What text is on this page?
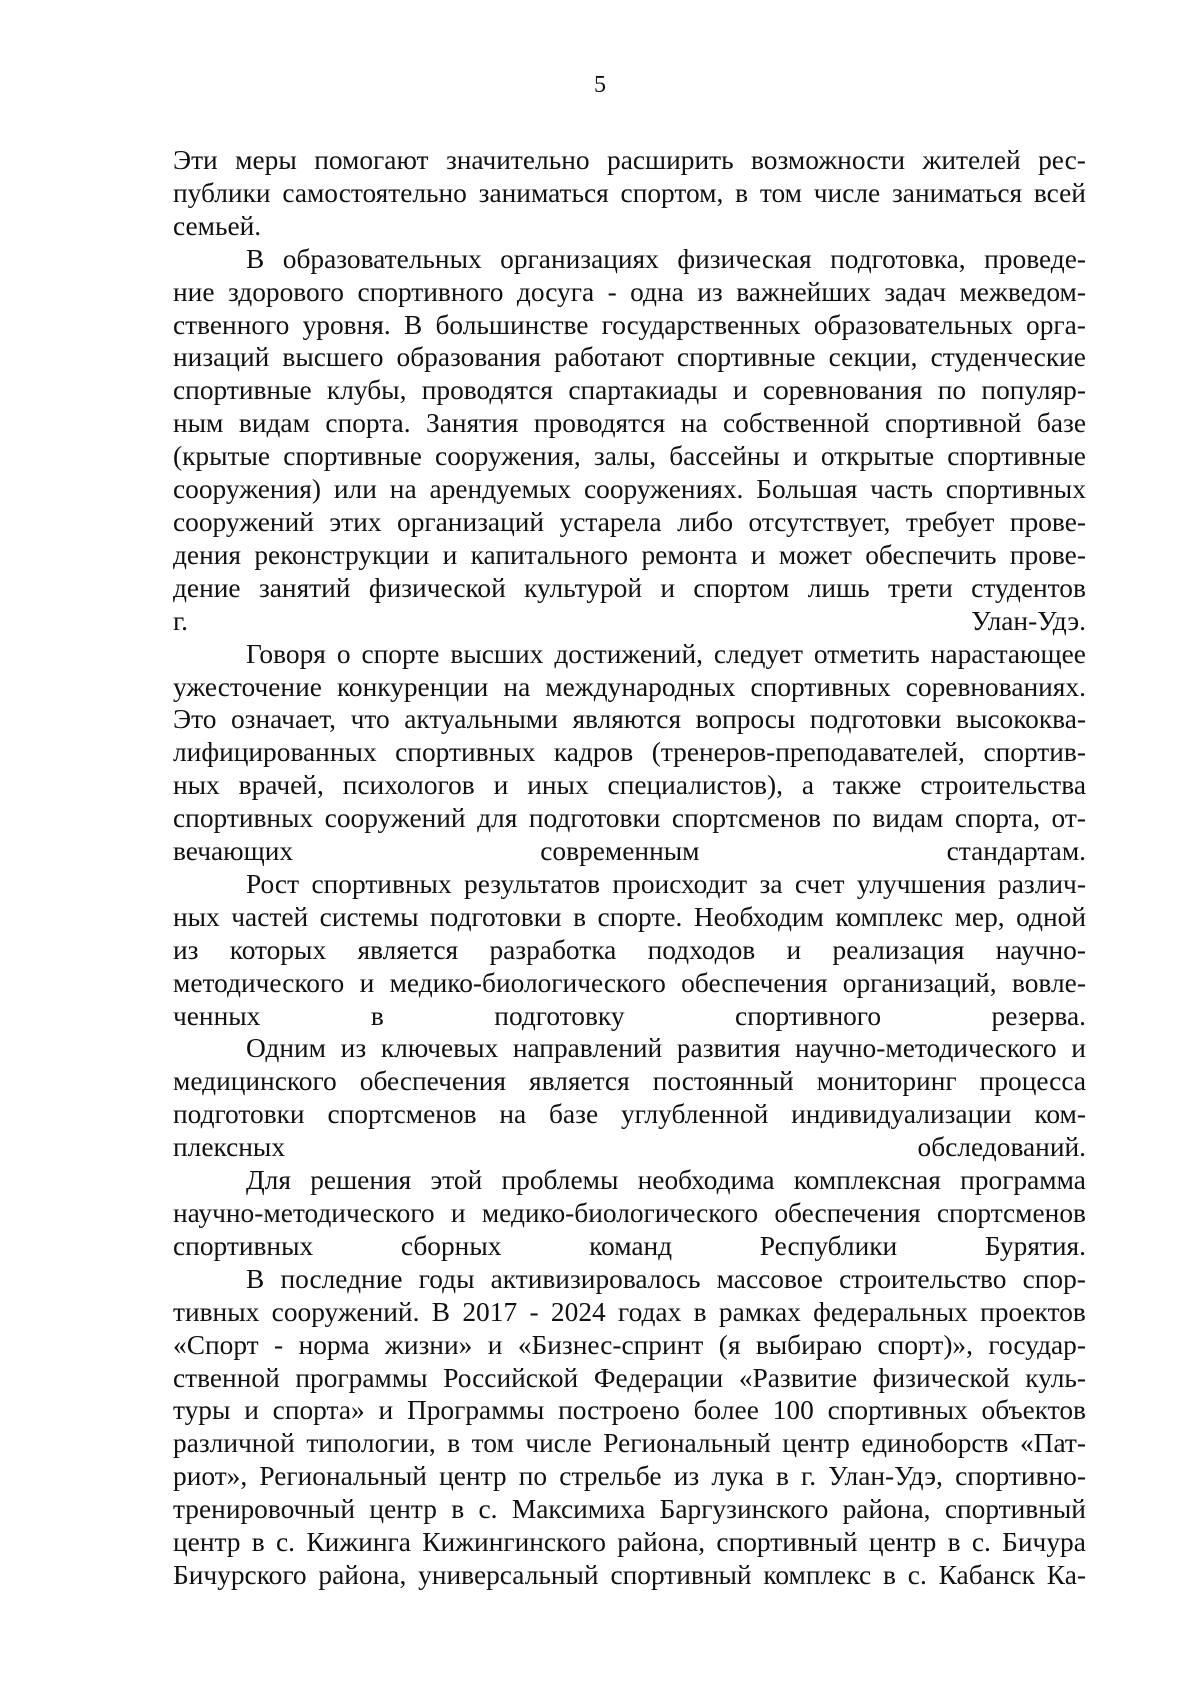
5
Эти меры помогают значительно расширить возможности жителей рес-
публики самостоятельно заниматься спортом, в том числе заниматься всей
семьей.
В образовательных организациях физическая подготовка, проведе-
ние здорового спортивного досуга - одна из важнейших задач межведом-
ственного уровня. В большинстве государственных образовательных орга-
низаций высшего образования работают спортивные секции, студенческие
спортивные клубы, проводятся спартакиады и соревнования по популяр-
ным видам спорта. Занятия проводятся на собственной спортивной базе
(крытые спортивные сооружения, залы, бассейны и открытые спортивные
сооружения) или на арендуемых сооружениях. Большая часть спортивных
сооружений этих организаций устарела либо отсутствует, требует прове-
дения реконструкции и капитального ремонта и может обеспечить прове-
дение занятий физической культурой и спортом лишь трети студентов
г. Улан-Удэ.
Говоря о спорте высших достижений, следует отметить нарастающее
ужесточение конкуренции на международных спортивных соревнованиях.
Это означает, что актуальными являются вопросы подготовки высококва-
лифицированных спортивных кадров (тренеров-преподавателей, спортив-
ных врачей, психологов и иных специалистов), а также строительства
спортивных сооружений для подготовки спортсменов по видам спорта, от-
вечающих современным стандартам.
Рост спортивных результатов происходит за счет улучшения различ-
ных частей системы подготовки в спорте. Необходим комплекс мер, одной
из которых является разработка подходов и реализация научно-
методического и медико-биологического обеспечения организаций, вовле-
ченных в подготовку спортивного резерва.
Одним из ключевых направлений развития научно-методического и
медицинского обеспечения является постоянный мониторинг процесса
подготовки спортсменов на базе углубленной индивидуализации ком-
плексных обследований.
Для решения этой проблемы необходима комплексная программа
научно-методического и медико-биологического обеспечения спортсменов
спортивных сборных команд Республики Бурятия.
В последние годы активизировалось массовое строительство спор-
тивных сооружений. В 2017 - 2024 годах в рамках федеральных проектов
«Спорт - норма жизни» и «Бизнес-спринт (я выбираю спорт)», государ-
ственной программы Российской Федерации «Развитие физической куль-
туры и спорта» и Программы построено более 100 спортивных объектов
различной типологии, в том числе Региональный центр единоборств «Пат-
риот», Региональный центр по стрельбе из лука в г. Улан-Удэ, спортивно-
тренировочный центр в с. Максимиха Баргузинского района, спортивный
центр в с. Кижинга Кижингинского района, спортивный центр в с. Бичура
Бичурского района, универсальный спортивный комплекс в с. Кабанск Ка-
